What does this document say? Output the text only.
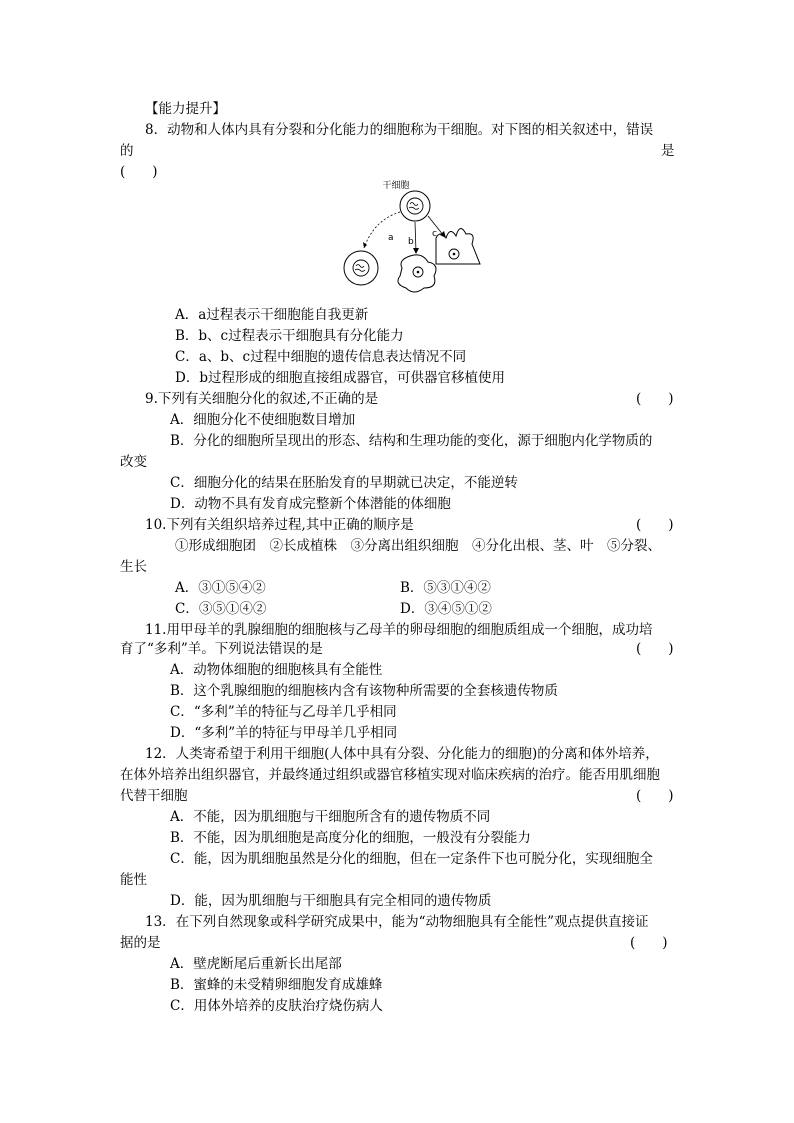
【能力提升】
8．动物和人体内具有分裂和分化能力的细胞称为干细胞。对下图的相关叙述中，错误
的	是
(　　)
干细胞
a b
c
A．a过程表示干细胞能自我更新
B．b、c过程表示干细胞具有分化能力
C．a、b、c过程中细胞的遗传信息表达情况不同
D．b过程形成的细胞直接组成器官，可供器官移植使用
9.下列有关细胞分化的叙述,不正确的是	(　　)
A．细胞分化不使细胞数目增加
B．分化的细胞所呈现出的形态、结构和生理功能的变化，源于细胞内化学物质的
改变
C．细胞分化的结果在胚胎发育的早期就已决定，不能逆转
D．动物不具有发育成完整新个体潜能的体细胞
10.下列有关组织培养过程,其中正确的顺序是	(　　)
①形成细胞团　②长成植株　③分离出组织细胞　④分化出根、茎、叶　⑤分裂、
生长
A．③①⑤④②	B．⑤③①④②
C．③⑤①④②	D．③④⑤①②
11.用甲母羊的乳腺细胞的细胞核与乙母羊的卵母细胞的细胞质组成一个细胞，成功培
育了“多利”羊。下列说法错误的是	(　　)
A．动物体细胞的细胞核具有全能性
B．这个乳腺细胞的细胞核内含有该物种所需要的全套核遗传物质
C．“多利”羊的特征与乙母羊几乎相同
D．“多利”羊的特征与甲母羊几乎相同
12．人类寄希望于利用干细胞(人体中具有分裂、分化能力的细胞)的分离和体外培养，
在体外培养出组织器官，并最终通过组织或器官移植实现对临床疾病的治疗。能否用肌细胞
代替干细胞	(　　)
A．不能，因为肌细胞与干细胞所含有的遗传物质不同
B．不能，因为肌细胞是高度分化的细胞，一般没有分裂能力
C．能，因为肌细胞虽然是分化的细胞，但在一定条件下也可脱分化，实现细胞全
能性
D．能，因为肌细胞与干细胞具有完全相同的遗传物质
13．在下列自然现象或科学研究成果中，能为“动物细胞具有全能性”观点提供直接证
据的是	(　　)
A．壁虎断尾后重新长出尾部
B．蜜蜂的未受精卵细胞发育成雄蜂
C．用体外培养的皮肤治疗烧伤病人
